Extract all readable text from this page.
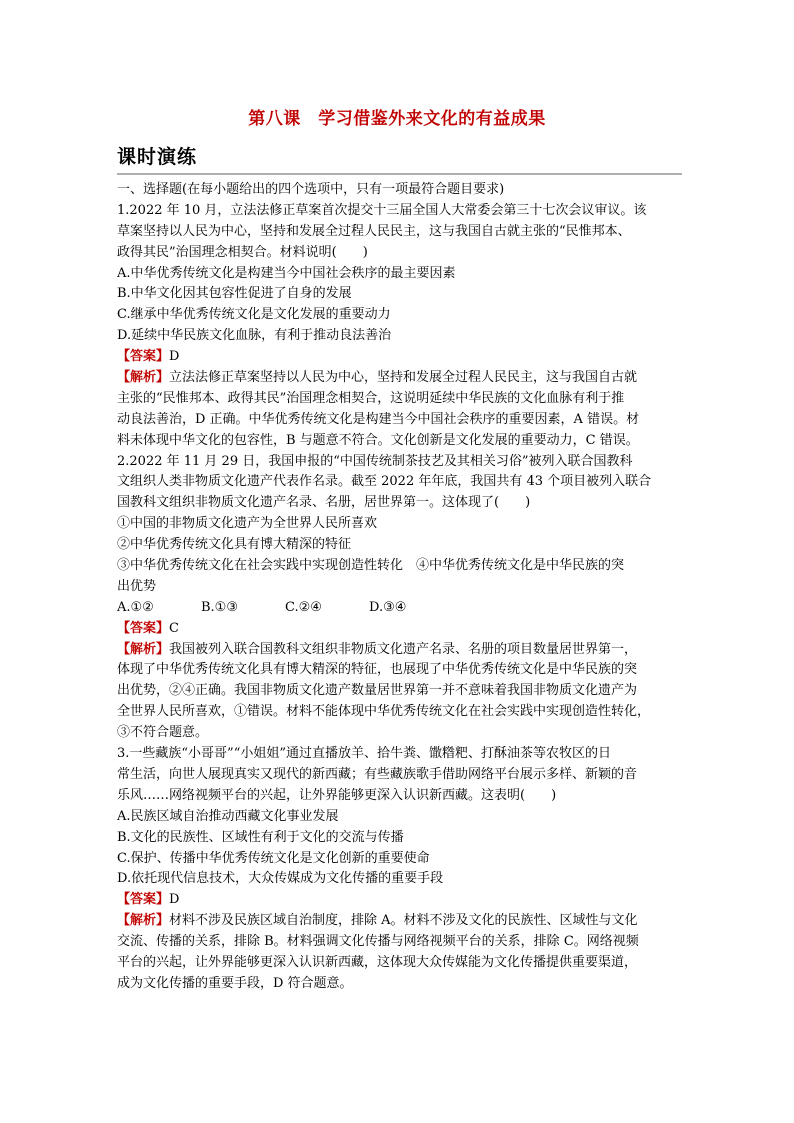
第八课　学习借鉴外来文化的有益成果
课时演练
一、选择题(在每小题给出的四个选项中，只有一项最符合题目要求)
1.2022 年 10 月，立法法修正草案首次提交十三届全国人大常委会第三十七次会议审议。该
草案坚持以人民为中心，坚持和发展全过程人民民主，这与我国自古就主张的“民惟邦本、
政得其民”治国理念相契合。材料说明(　　)
A.中华优秀传统文化是构建当今中国社会秩序的最主要因素
B.中华文化因其包容性促进了自身的发展
C.继承中华优秀传统文化是文化发展的重要动力
D.延续中华民族文化血脉，有利于推动良法善治
【答案】D
【解析】立法法修正草案坚持以人民为中心，坚持和发展全过程人民民主，这与我国自古就
主张的“民惟邦本、政得其民”治国理念相契合，这说明延续中华民族的文化血脉有利于推
动良法善治，D 正确。中华优秀传统文化是构建当今中国社会秩序的重要因素，A 错误。材
料未体现中华文化的包容性，B 与题意不符合。文化创新是文化发展的重要动力，C 错误。
2.2022 年 11 月 29 日，我国申报的“中国传统制茶技艺及其相关习俗”被列入联合国教科
文组织人类非物质文化遗产代表作名录。截至 2022 年年底，我国共有 43 个项目被列入联合
国教科文组织非物质文化遗产名录、名册，居世界第一。这体现了(　　)
①中国的非物质文化遗产为全世界人民所喜欢
②中华优秀传统文化具有博大精深的特征
③中华优秀传统文化在社会实践中实现创造性转化　④中华优秀传统文化是中华民族的突
出优势
A.①②	B.①③	C.②④	D.③④
【答案】C
【解析】我国被列入联合国教科文组织非物质文化遗产名录、名册的项目数量居世界第一，
体现了中华优秀传统文化具有博大精深的特征，也展现了中华优秀传统文化是中华民族的突
出优势，②④正确。我国非物质文化遗产数量居世界第一并不意味着我国非物质文化遗产为
全世界人民所喜欢，①错误。材料不能体现中华优秀传统文化在社会实践中实现创造性转化，
③不符合题意。
3.一些藏族“小哥哥”“小姐姐”通过直播放羊、拾牛粪、馓糌粑、打酥油茶等农牧区的日
常生活，向世人展现真实又现代的新西藏；有些藏族歌手借助网络平台展示多样、新颖的音
乐风……网络视频平台的兴起，让外界能够更深入认识新西藏。这表明(　　)
A.民族区域自治推动西藏文化事业发展
B.文化的民族性、区域性有利于文化的交流与传播
C.保护、传播中华优秀传统文化是文化创新的重要使命
D.依托现代信息技术，大众传媒成为文化传播的重要手段
【答案】D
【解析】材料不涉及民族区域自治制度，排除 A。材料不涉及文化的民族性、区域性与文化
交流、传播的关系，排除 B。材料强调文化传播与网络视频平台的关系，排除 C。网络视频
平台的兴起，让外界能够更深入认识新西藏，这体现大众传媒能为文化传播提供重要渠道，
成为文化传播的重要手段，D 符合题意。
